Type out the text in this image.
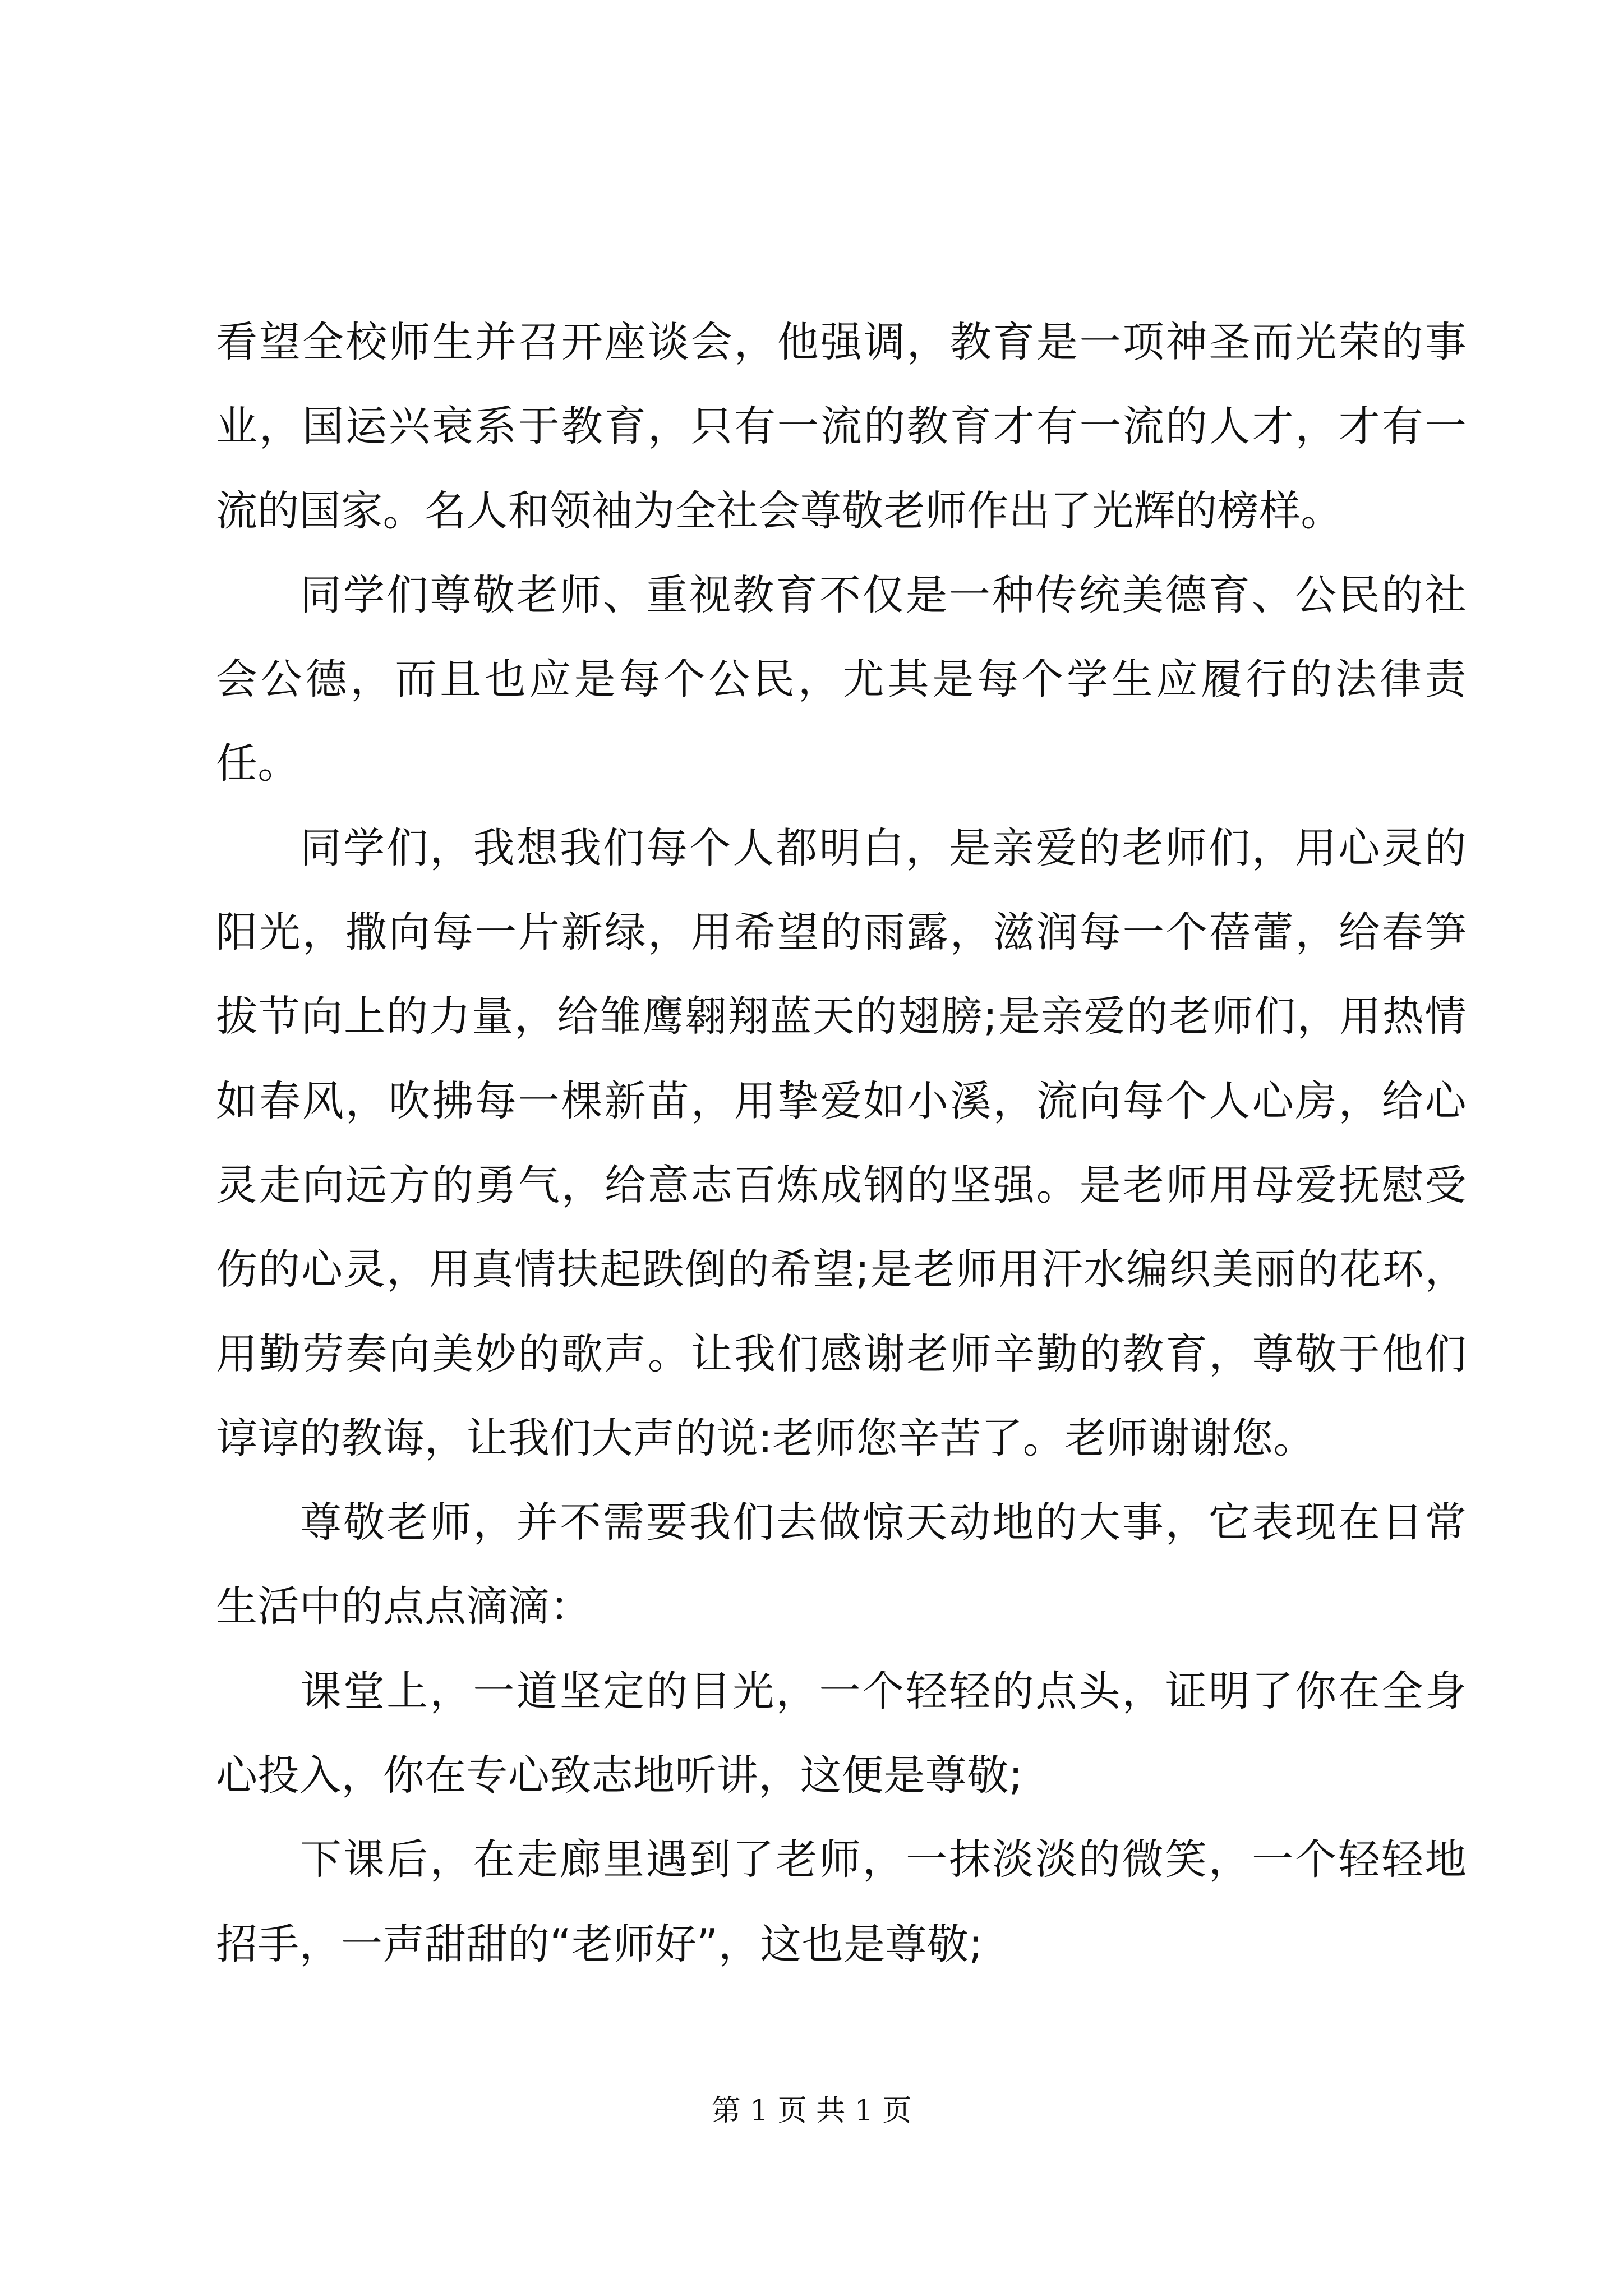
看望全校师生并召开座谈会，他强调，教育是一项神圣而光荣的事业，国运兴衰系于教育，只有一流的教育才有一流的人才，才有一流的国家。名人和领袖为全社会尊敬老师作出了光辉的榜样。

同学们尊敬老师、重视教育不仅是一种传统美德育、公民的社会公德，而且也应是每个公民，尤其是每个学生应履行的法律责任。

同学们，我想我们每个人都明白，是亲爱的老师们，用心灵的阳光，撒向每一片新绿，用希望的雨露，滋润每一个蓓蕾，给春笋拔节向上的力量，给雏鹰翱翔蓝天的翅膀;是亲爱的老师们，用热情如春风，吹拂每一棵新苗，用挚爱如小溪，流向每个人心房，给心灵走向远方的勇气，给意志百炼成钢的坚强。是老师用母爱抚慰受伤的心灵，用真情扶起跌倒的希望;是老师用汗水编织美丽的花环，用勤劳奏向美妙的歌声。让我们感谢老师辛勤的教育，尊敬于他们谆谆的教诲，让我们大声的说:老师您辛苦了。老师谢谢您。

尊敬老师，并不需要我们去做惊天动地的大事，它表现在日常生活中的点点滴滴：

课堂上，一道坚定的目光，一个轻轻的点头，证明了你在全身心投入，你在专心致志地听讲，这便是尊敬;

下课后，在走廊里遇到了老师，一抹淡淡的微笑，一个轻轻地招手，一声甜甜的“老师好”，这也是尊敬;

第 1 页 共 1 页
